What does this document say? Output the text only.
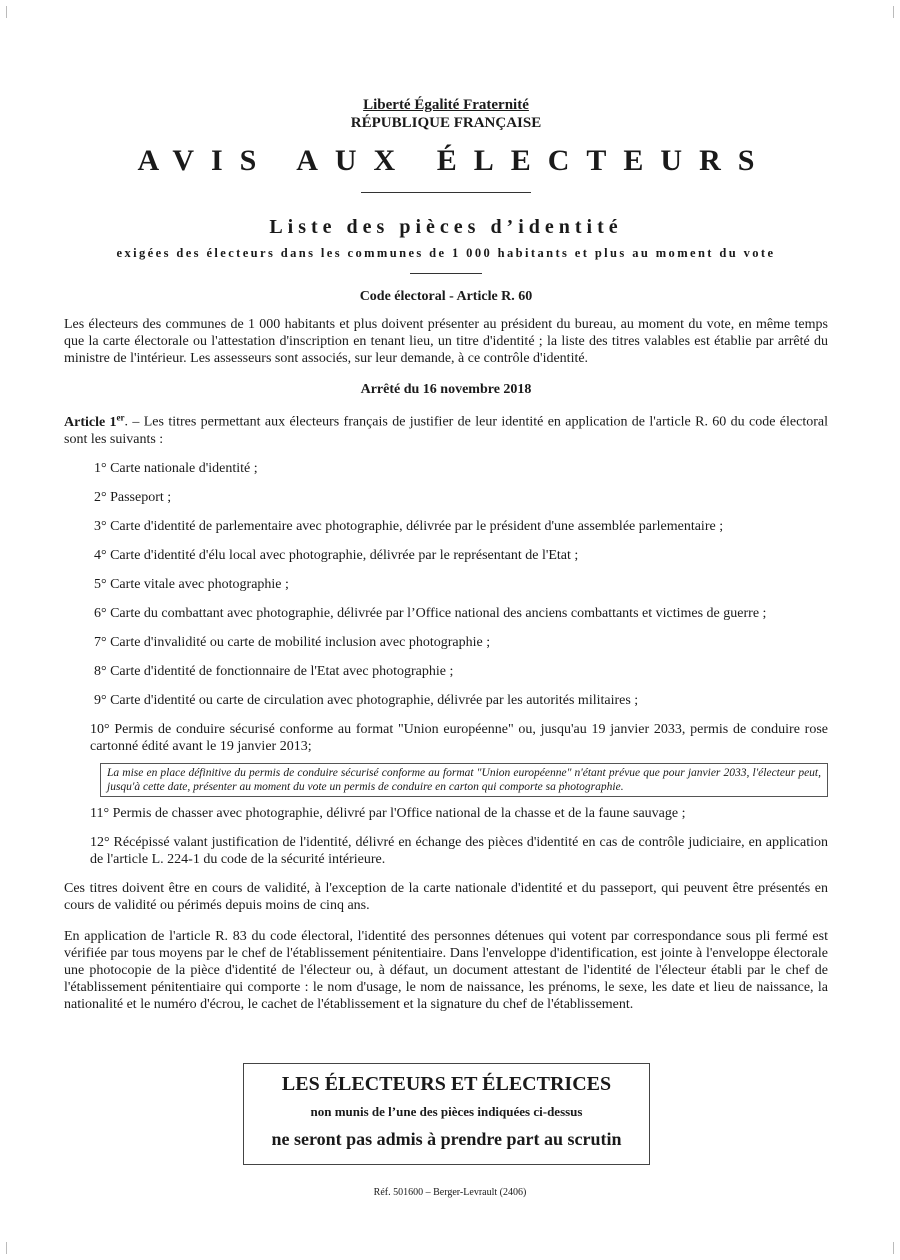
Liberté Égalité Fraternité
RÉPUBLIQUE FRANÇAISE
AVIS AUX ÉLECTEURS
Liste des pièces d’identité
exigées des électeurs dans les communes de 1 000 habitants et plus au moment du vote
Code électoral - Article R. 60

Les électeurs des communes de 1 000 habitants et plus doivent présenter au président du bureau, au moment du vote, en même temps que la carte électorale ou l'attestation d'inscription en tenant lieu, un titre d'identité ; la liste des titres valables est établie par arrêté du ministre de l'intérieur. Les assesseurs sont associés, sur leur demande, à ce contrôle d'identité.

Arrêté du 16 novembre 2018

Article 1er. – Les titres permettant aux électeurs français de justifier de leur identité en application de l'article R. 60 du code électoral sont les suivants :

1° Carte nationale d'identité ;
2° Passeport ;
3° Carte d'identité de parlementaire avec photographie, délivrée par le président d'une assemblée parlementaire ;
4° Carte d'identité d'élu local avec photographie, délivrée par le représentant de l'Etat ;
5° Carte vitale avec photographie ;
6° Carte du combattant avec photographie, délivrée par l’Office national des anciens combattants et victimes de guerre ;
7° Carte d'invalidité ou carte de mobilité inclusion avec photographie ;
8° Carte d'identité de fonctionnaire de l'Etat avec photographie ;
9° Carte d'identité ou carte de circulation avec photographie, délivrée par les autorités militaires ;
10° Permis de conduire sécurisé conforme au format "Union européenne" ou, jusqu'au 19 janvier 2033, permis de conduire rose cartonné édité avant le 19 janvier 2013;
La mise en place définitive du permis de conduire sécurisé conforme au format "Union européenne" n'étant prévue que pour janvier 2033, l'électeur peut, jusqu'à cette date, présenter au moment du vote un permis de conduire en carton qui comporte sa photographie.
11° Permis de chasser avec photographie, délivré par l'Office national de la chasse et de la faune sauvage ;
12° Récépissé valant justification de l'identité, délivré en échange des pièces d'identité en cas de contrôle judiciaire, en application de l'article L. 224-1 du code de la sécurité intérieure.

Ces titres doivent être en cours de validité, à l'exception de la carte nationale d'identité et du passeport, qui peuvent être présentés en cours de validité ou périmés depuis moins de cinq ans.

En application de l'article R. 83 du code électoral, l'identité des personnes détenues qui votent par correspondance sous pli fermé est vérifiée par tous moyens par le chef de l'établissement pénitentiaire. Dans l'enveloppe d'identification, est jointe à l'enveloppe électorale une photocopie de la pièce d'identité de l'électeur ou, à défaut, un document attestant de l'identité de l'électeur établi par le chef de l'établissement pénitentiaire qui comporte : le nom d'usage, le nom de naissance, les prénoms, le sexe, les date et lieu de naissance, la nationalité et le numéro d'écrou, le cachet de l'établissement et la signature du chef de l'établissement.

LES ÉLECTEURS ET ÉLECTRICES
non munis de l’une des pièces indiquées ci-dessus
ne seront pas admis à prendre part au scrutin
Réf. 501600 – Berger-Levrault (2406)
